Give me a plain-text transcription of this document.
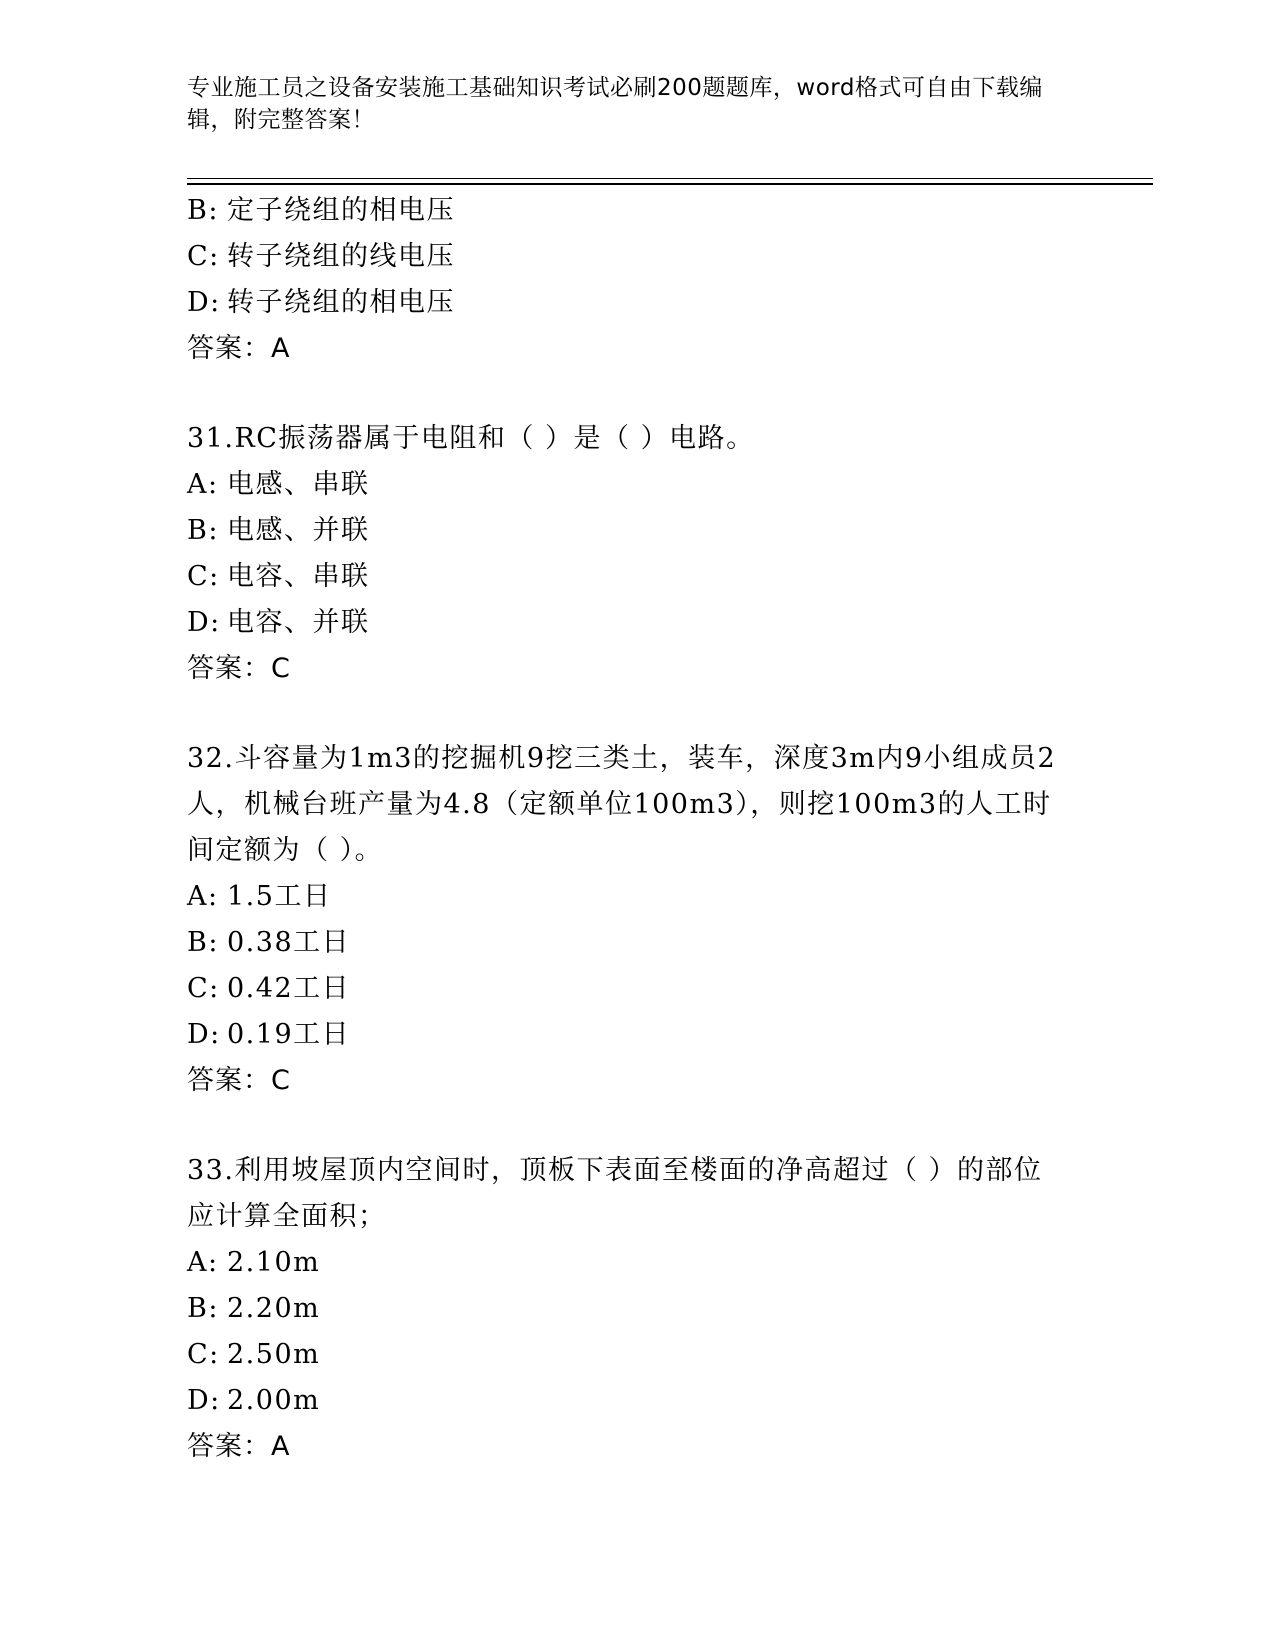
专业施工员之设备安装施工基础知识考试必刷200题题库，word格式可自由下载编辑，附完整答案！
B: 定子绕组的相电压
C: 转子绕组的线电压
D: 转子绕组的相电压
答案：A
31.RC振荡器属于电阻和（ ）是（ ）电路。
A: 电感、串联
B: 电感、并联
C: 电容、串联
D: 电容、并联
答案：C
32.斗容量为1m3的挖掘机9挖三类土，装车，深度3m内9小组成员2人，机械台班产量为4.8（定额单位100m3），则挖100m3的人工时间定额为（ ）。
A: 1.5工日
B: 0.38工日
C: 0.42工日
D: 0.19工日
答案：C
33.利用坡屋顶内空间时，顶板下表面至楼面的净高超过（ ）的部位应计算全面积；
A: 2.10m
B: 2.20m
C: 2.50m
D: 2.00m
答案：A
